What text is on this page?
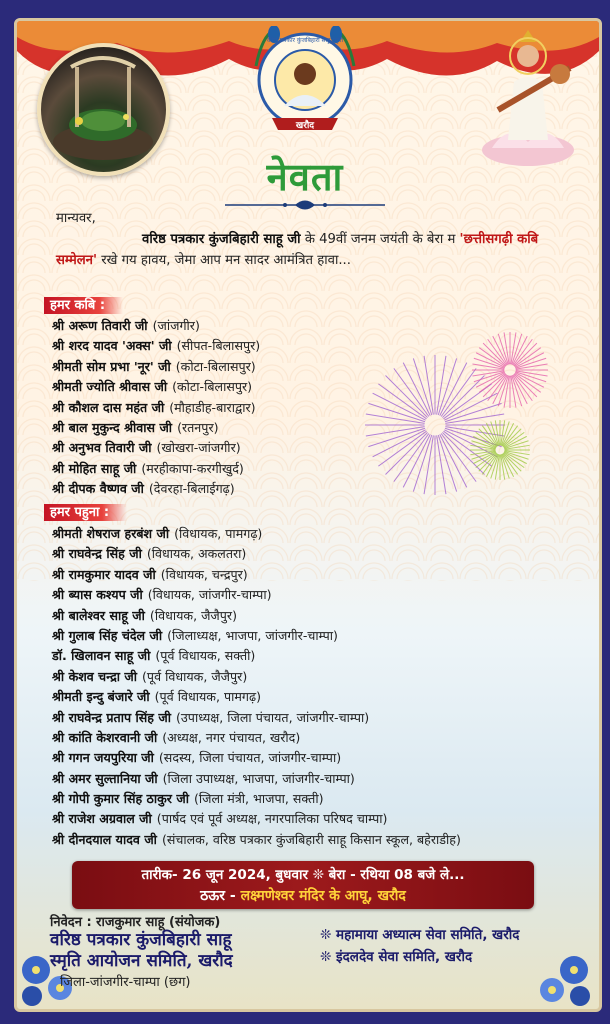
खरौद
वरिष्ठ पत्रकार कुंजबिहारी साहू स्मृति
नेवता
मान्यवर,
वरिष्ठ पत्रकार कुंजबिहारी साहू जी के 49वीं जनम जयंती के बेरा म 'छत्तीसगढ़ी कबि सम्मेलन' रखे गय हावय, जेमा आप मन सादर आमंत्रित हावा...
हमर कबि :
श्री अरूण तिवारी जी (जांजगीर)
श्री शरद यादव 'अक्स' जी (सीपत-बिलासपुर)
श्रीमती सोम प्रभा 'नूर' जी (कोटा-बिलासपुर)
श्रीमती ज्योति श्रीवास जी (कोटा-बिलासपुर)
श्री कौशल दास महंत जी (मौहाडीह-बाराद्वार)
श्री बाल मुकुन्द श्रीवास जी (रतनपुर)
श्री अनुभव तिवारी जी (खोखरा-जांजगीर)
श्री मोहित साहू जी (मरहीकापा-करगीखुर्द)
श्री दीपक वैष्णव जी (देवरहा-बिलाईगढ़)
हमर पहुना :
श्रीमती शेषराज हरबंश जी (विधायक, पामगढ़)
श्री राघवेन्द्र सिंह जी (विधायक, अकलतरा)
श्री रामकुमार यादव जी (विधायक, चन्द्रपुर)
श्री ब्यास कश्यप जी (विधायक, जांजगीर-चाम्पा)
श्री बालेश्वर साहू जी (विधायक, जैजैपुर)
श्री गुलाब सिंह चंदेल जी (जिलाध्यक्ष, भाजपा, जांजगीर-चाम्पा)
डॉ. खिलावन साहू जी (पूर्व विधायक, सक्ती)
श्री केशव चन्द्रा जी (पूर्व विधायक, जैजैपुर)
श्रीमती इन्दु बंजारे जी (पूर्व विधायक, पामगढ़)
श्री राघवेन्द्र प्रताप सिंह जी (उपाध्यक्ष, जिला पंचायत, जांजगीर-चाम्पा)
श्री कांति केशरवानी जी (अध्यक्ष, नगर पंचायत, खरौद)
श्री गगन जयपुरिया जी (सदस्य, जिला पंचायत, जांजगीर-चाम्पा)
श्री अमर सुल्तानिया जी (जिला उपाध्यक्ष, भाजपा, जांजगीर-चाम्पा)
श्री गोपी कुमार सिंह ठाकुर जी (जिला मंत्री, भाजपा, सक्ती)
श्री राजेश अग्रवाल जी (पार्षद एवं पूर्व अध्यक्ष, नगरपालिका परिषद चाम्पा)
श्री दीनदयाल यादव जी (संचालक, वरिष्ठ पत्रकार कुंजबिहारी साहू किसान स्कूल, बहेराडीह)
तारीक- 26 जून 2024, बुधवार ❊ बेरा - रथिया 08 बजे ले...
ठऊर - लक्ष्मणेश्वर मंदिर के आघू, खरौद
निवेदन : राजकुमार साहू (संयोजक)
वरिष्ठ पत्रकार कुंजबिहारी साहू
स्मृति आयोजन समिति, खरौद
जिला-जांजगीर-चाम्पा (छग)
❊ महामाया अध्यात्म सेवा समिति, खरौद
❊ इंदलदेव सेवा समिति, खरौद
